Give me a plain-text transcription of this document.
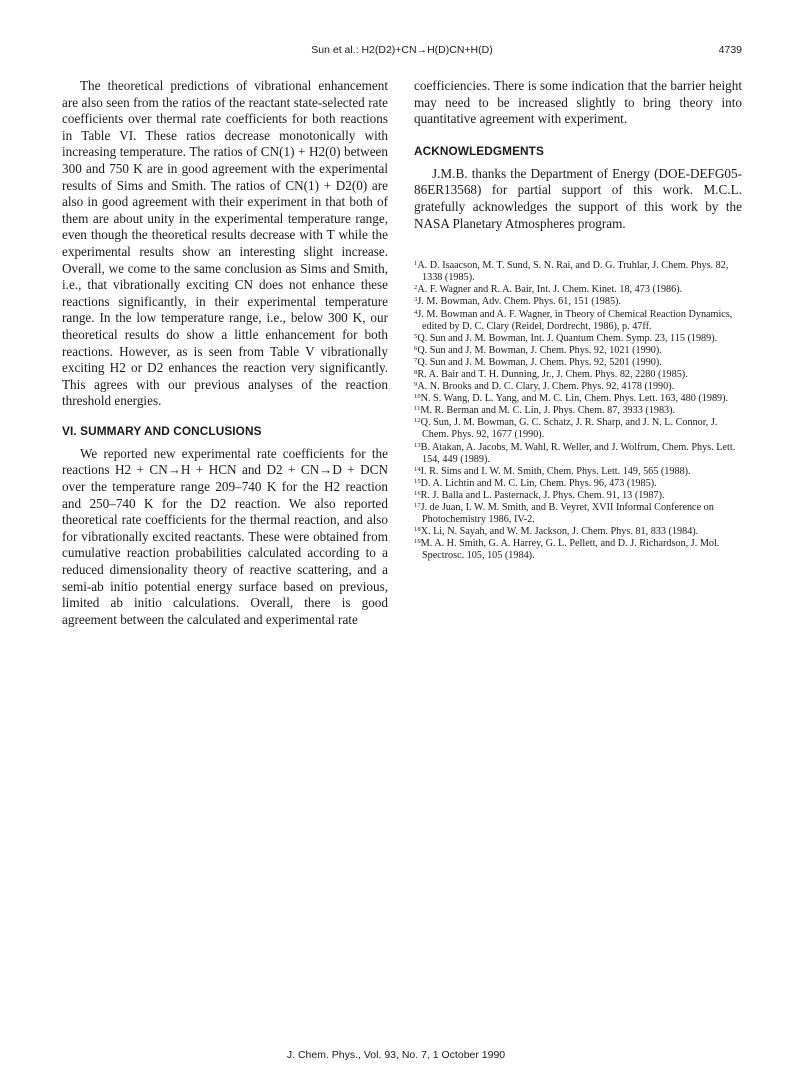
Sun et al.: H2(D2)+CN→H(D)CN+H(D)	4739

The theoretical predictions of vibrational enhancement are also seen from the ratios of the reactant state-selected rate coefficients over thermal rate coefficients for both reactions in Table VI. These ratios decrease monotonically with increasing temperature. The ratios of CN(1) + H2(0) between 300 and 750 K are in good agreement with the experimental results of Sims and Smith. The ratios of CN(1) + D2(0) are also in good agreement with their experiment in that both of them are about unity in the experimental temperature range, even though the theoretical results decrease with T while the experimental results show an interesting slight increase. Overall, we come to the same conclusion as Sims and Smith, i.e., that vibrationally exciting CN does not enhance these reactions significantly, in their experimental temperature range. In the low temperature range, i.e., below 300 K, our theoretical results do show a little enhancement for both reactions. However, as is seen from Table V vibrationally exciting H2 or D2 enhances the reaction very significantly. This agrees with our previous analyses of the reaction threshold energies.

VI. SUMMARY AND CONCLUSIONS

We reported new experimental rate coefficients for the reactions H2 + CN→H + HCN and D2 + CN→D + DCN over the temperature range 209–740 K for the H2 reaction and 250–740 K for the D2 reaction. We also reported theoretical rate coefficients for the thermal reaction, and also for vibrationally excited reactants. These were obtained from cumulative reaction probabilities calculated according to a reduced dimensionality theory of reactive scattering, and a semi-ab initio potential energy surface based on previous, limited ab initio calculations. Overall, there is good agreement between the calculated and experimental rate

coefficiencies. There is some indication that the barrier height may need to be increased slightly to bring theory into quantitative agreement with experiment.

ACKNOWLEDGMENTS

J.M.B. thanks the Department of Energy (DOE-DEFG05-86ER13568) for partial support of this work. M.C.L. gratefully acknowledges the support of this work by the NASA Planetary Atmospheres program.

$^1$A. D. Isaacson, M. T. Sund, S. N. Rai, and D. G. Truhlar, J. Chem. Phys. 82, 1338 (1985).
$^2$A. F. Wagner and R. A. Bair, Int. J. Chem. Kinet. 18, 473 (1986).
$^3$J. M. Bowman, Adv. Chem. Phys. 61, 151 (1985).
$^4$J. M. Bowman and A. F. Wagner, in Theory of Chemical Reaction Dynamics, edited by D. C. Clary (Reidel, Dordrecht, 1986), p. 47ff.
$^5$Q. Sun and J. M. Bowman, Int. J. Quantum Chem. Symp. 23, 115 (1989).
$^6$Q. Sun and J. M. Bowman, J. Chem. Phys. 92, 1021 (1990).
$^7$Q. Sun and J. M. Bowman, J. Chem. Phys. 92, 5201 (1990).
$^8$R. A. Bair and T. H. Dunning, Jr., J. Chem. Phys. 82, 2280 (1985).
$^9$A. N. Brooks and D. C. Clary, J. Chem. Phys. 92, 4178 (1990).
$^{10}$N. S. Wang, D. L. Yang, and M. C. Lin, Chem. Phys. Lett. 163, 480 (1989).
$^{11}$M. R. Berman and M. C. Lin, J. Phys. Chem. 87, 3933 (1983).
$^{12}$Q. Sun, J. M. Bowman, G. C. Schatz, J. R. Sharp, and J. N. L. Connor, J. Chem. Phys. 92, 1677 (1990).
$^{13}$B. Atakan, A. Jacobs, M. Wahl, R. Weller, and J. Wolfrum, Chem. Phys. Lett. 154, 449 (1989).
$^{14}$I. R. Sims and I. W. M. Smith, Chem. Phys. Lett. 149, 565 (1988).
$^{15}$D. A. Lichtin and M. C. Lin, Chem. Phys. 96, 473 (1985).
$^{16}$R. J. Balla and L. Pasternack, J. Phys. Chem. 91, 13 (1987).
$^{17}$J. de Juan, I. W. M. Smith, and B. Veyret, XVII Informal Conference on Photochemistry 1986, IV-2.
$^{18}$X. Li, N. Sayah, and W. M. Jackson, J. Chem. Phys. 81, 833 (1984).
$^{19}$M. A. H. Smith, G. A. Harrey, G. L. Pellett, and D. J. Richardson, J. Mol. Spectrosc. 105, 105 (1984).
J. Chem. Phys., Vol. 93, No. 7, 1 October 1990
